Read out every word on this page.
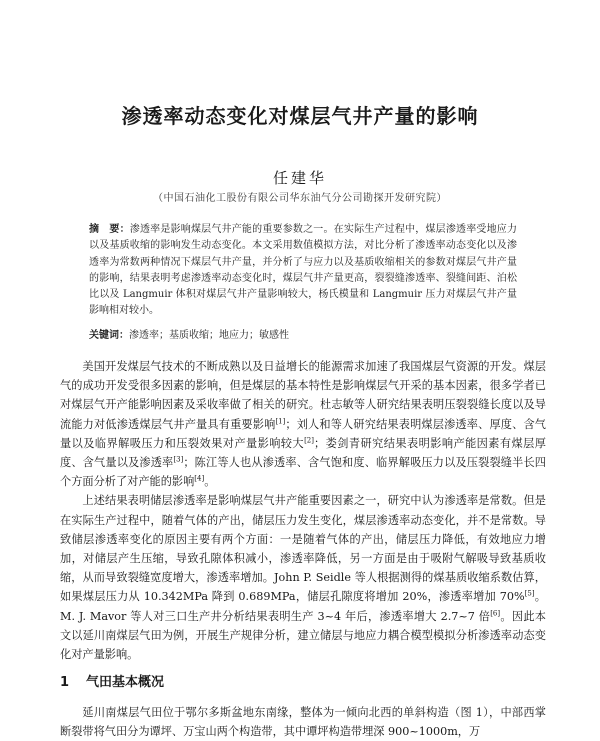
渗透率动态变化对煤层气井产量的影响
任建华
（中国石油化工股份有限公司华东油气分公司勘探开发研究院）
摘　要：渗透率是影响煤层气井产能的重要参数之一。在实际生产过程中，煤层渗透率受地应力以及基质收缩的影响发生动态变化。本文采用数值模拟方法，对比分析了渗透率动态变化以及渗透率为常数两种情况下煤层气井产量，并分析了与应力以及基质收缩相关的参数对煤层气井产量的影响，结果表明考虑渗透率动态变化时，煤层气井产量更高，裂裂缝渗透率、裂缝间距、泊松比以及 Langmuir 体积对煤层气井产量影响较大，杨氏模量和 Langmuir 压力对煤层气井产量影响相对较小。
关键词：渗透率；基质收缩；地应力；敏感性

美国开发煤层气技术的不断成熟以及日益增长的能源需求加速了我国煤层气资源的开发。煤层气的成功开发受很多因素的影响，但是煤层的基本特性是影响煤层气开采的基本因素，很多学者已对煤层气开产能影响因素及采收率做了相关的研究。杜志敏等人研究结果表明压裂裂缝长度以及导流能力对低渗透煤层气井产量具有重要影响[1]；刘人和等人研究结果表明煤层渗透率、厚度、含气量以及临界解吸压力和压裂效果对产量影响较大[2]；娄剑青研究结果表明影响产能因素有煤层厚度、含气量以及渗透率[3]；陈江等人也从渗透率、含气饱和度、临界解吸压力以及压裂裂缝半长四个方面分析了对产能的影响[4]。

上述结果表明储层渗透率是影响煤层气井产能重要因素之一，研究中认为渗透率是常数。但是在实际生产过程中，随着气体的产出，储层压力发生变化，煤层渗透率动态变化，并不是常数。导致储层渗透率变化的原因主要有两个方面：一是随着气体的产出，储层压力降低，有效地应力增加，对储层产生压缩，导致孔隙体积减小，渗透率降低，另一方面是由于吸附气解吸导致基质收缩，从而导致裂缝宽度增大，渗透率增加。John P. Seidle 等人根据测得的煤基质收缩系数估算，如果煤层压力从 10.342MPa 降到 0.689MPa，储层孔隙度将增加 20%，渗透率增加 70%[5]。M. J. Mavor 等人对三口生产井分析结果表明生产 3~4 年后，渗透率增大 2.7~7 倍[6]。因此本文以延川南煤层气田为例，开展生产规律分析，建立储层与地应力耦合模型模拟分析渗透率动态变化对产量影响。

1 气田基本概况

延川南煤层气田位于鄂尔多斯盆地东南缘，整体为一倾向北西的单斜构造（图 1），中部西掌断裂带将气田分为谭坪、万宝山两个构造带，其中谭坪构造带埋深 900~1000m，万
